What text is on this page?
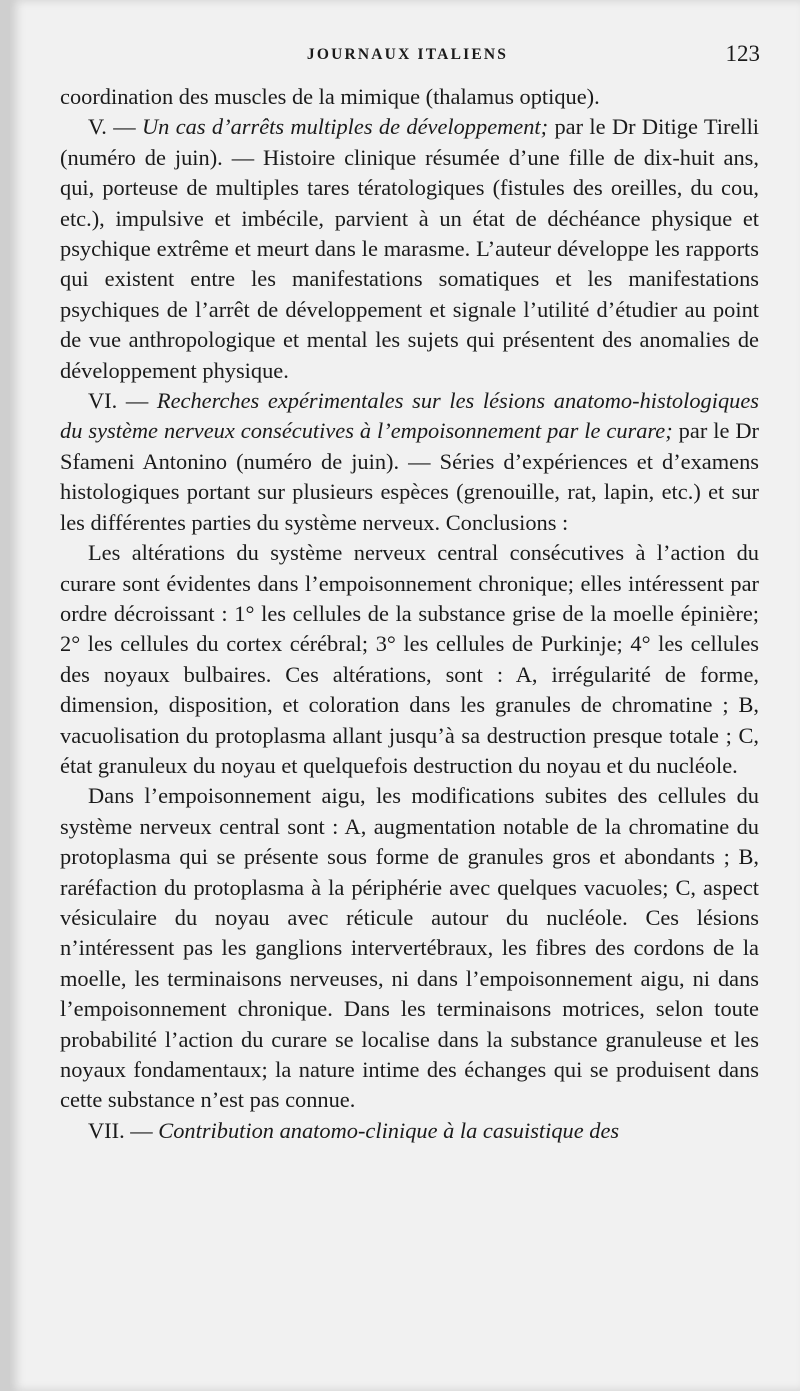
JOURNAUX ITALIENS	123

coordination des muscles de la mimique (thalamus optique).

V. — Un cas d’arrêts multiples de développement; par le Dr Ditige Tirelli (numéro de juin). — Histoire clinique résumée d’une fille de dix-huit ans, qui, porteuse de multiples tares tératologiques (fistules des oreilles, du cou, etc.), impulsive et imbécile, parvient à un état de déchéance physique et psychique extrême et meurt dans le marasme. L’auteur développe les rapports qui existent entre les manifestations somatiques et les manifestations psychiques de l’arrêt de développement et signale l’utilité d’étudier au point de vue anthropologique et mental les sujets qui présentent des anomalies de développement physique.

VI. — Recherches expérimentales sur les lésions anatomo-histologiques du système nerveux consécutives à l’empoisonnement par le curare; par le Dr Sfameni Antonino (numéro de juin). — Séries d’expériences et d’examens histologiques portant sur plusieurs espèces (grenouille, rat, lapin, etc.) et sur les différentes parties du système nerveux. Conclusions :

Les altérations du système nerveux central consécutives à l’action du curare sont évidentes dans l’empoisonnement chronique; elles intéressent par ordre décroissant : 1° les cellules de la substance grise de la moelle épinière; 2° les cellules du cortex cérébral; 3° les cellules de Purkinje; 4° les cellules des noyaux bulbaires. Ces altérations, sont : A, irrégularité de forme, dimension, disposition, et coloration dans les granules de chromatine ; B, vacuolisation du protoplasma allant jusqu’à sa destruction presque totale ; C, état granuleux du noyau et quelquefois destruction du noyau et du nucléole.

Dans l’empoisonnement aigu, les modifications subites des cellules du système nerveux central sont : A, augmentation notable de la chromatine du protoplasma qui se présente sous forme de granules gros et abondants ; B, raréfaction du protoplasma à la périphérie avec quelques vacuoles; C, aspect vésiculaire du noyau avec réticule autour du nucléole. Ces lésions n’intéressent pas les ganglions intervertébraux, les fibres des cordons de la moelle, les terminaisons nerveuses, ni dans l’empoisonnement aigu, ni dans l’empoisonnement chronique. Dans les terminaisons motrices, selon toute probabilité l’action du curare se localise dans la substance granuleuse et les noyaux fondamentaux; la nature intime des échanges qui se produisent dans cette substance n’est pas connue.

VII. — Contribution anatomo-clinique à la casuistique des
